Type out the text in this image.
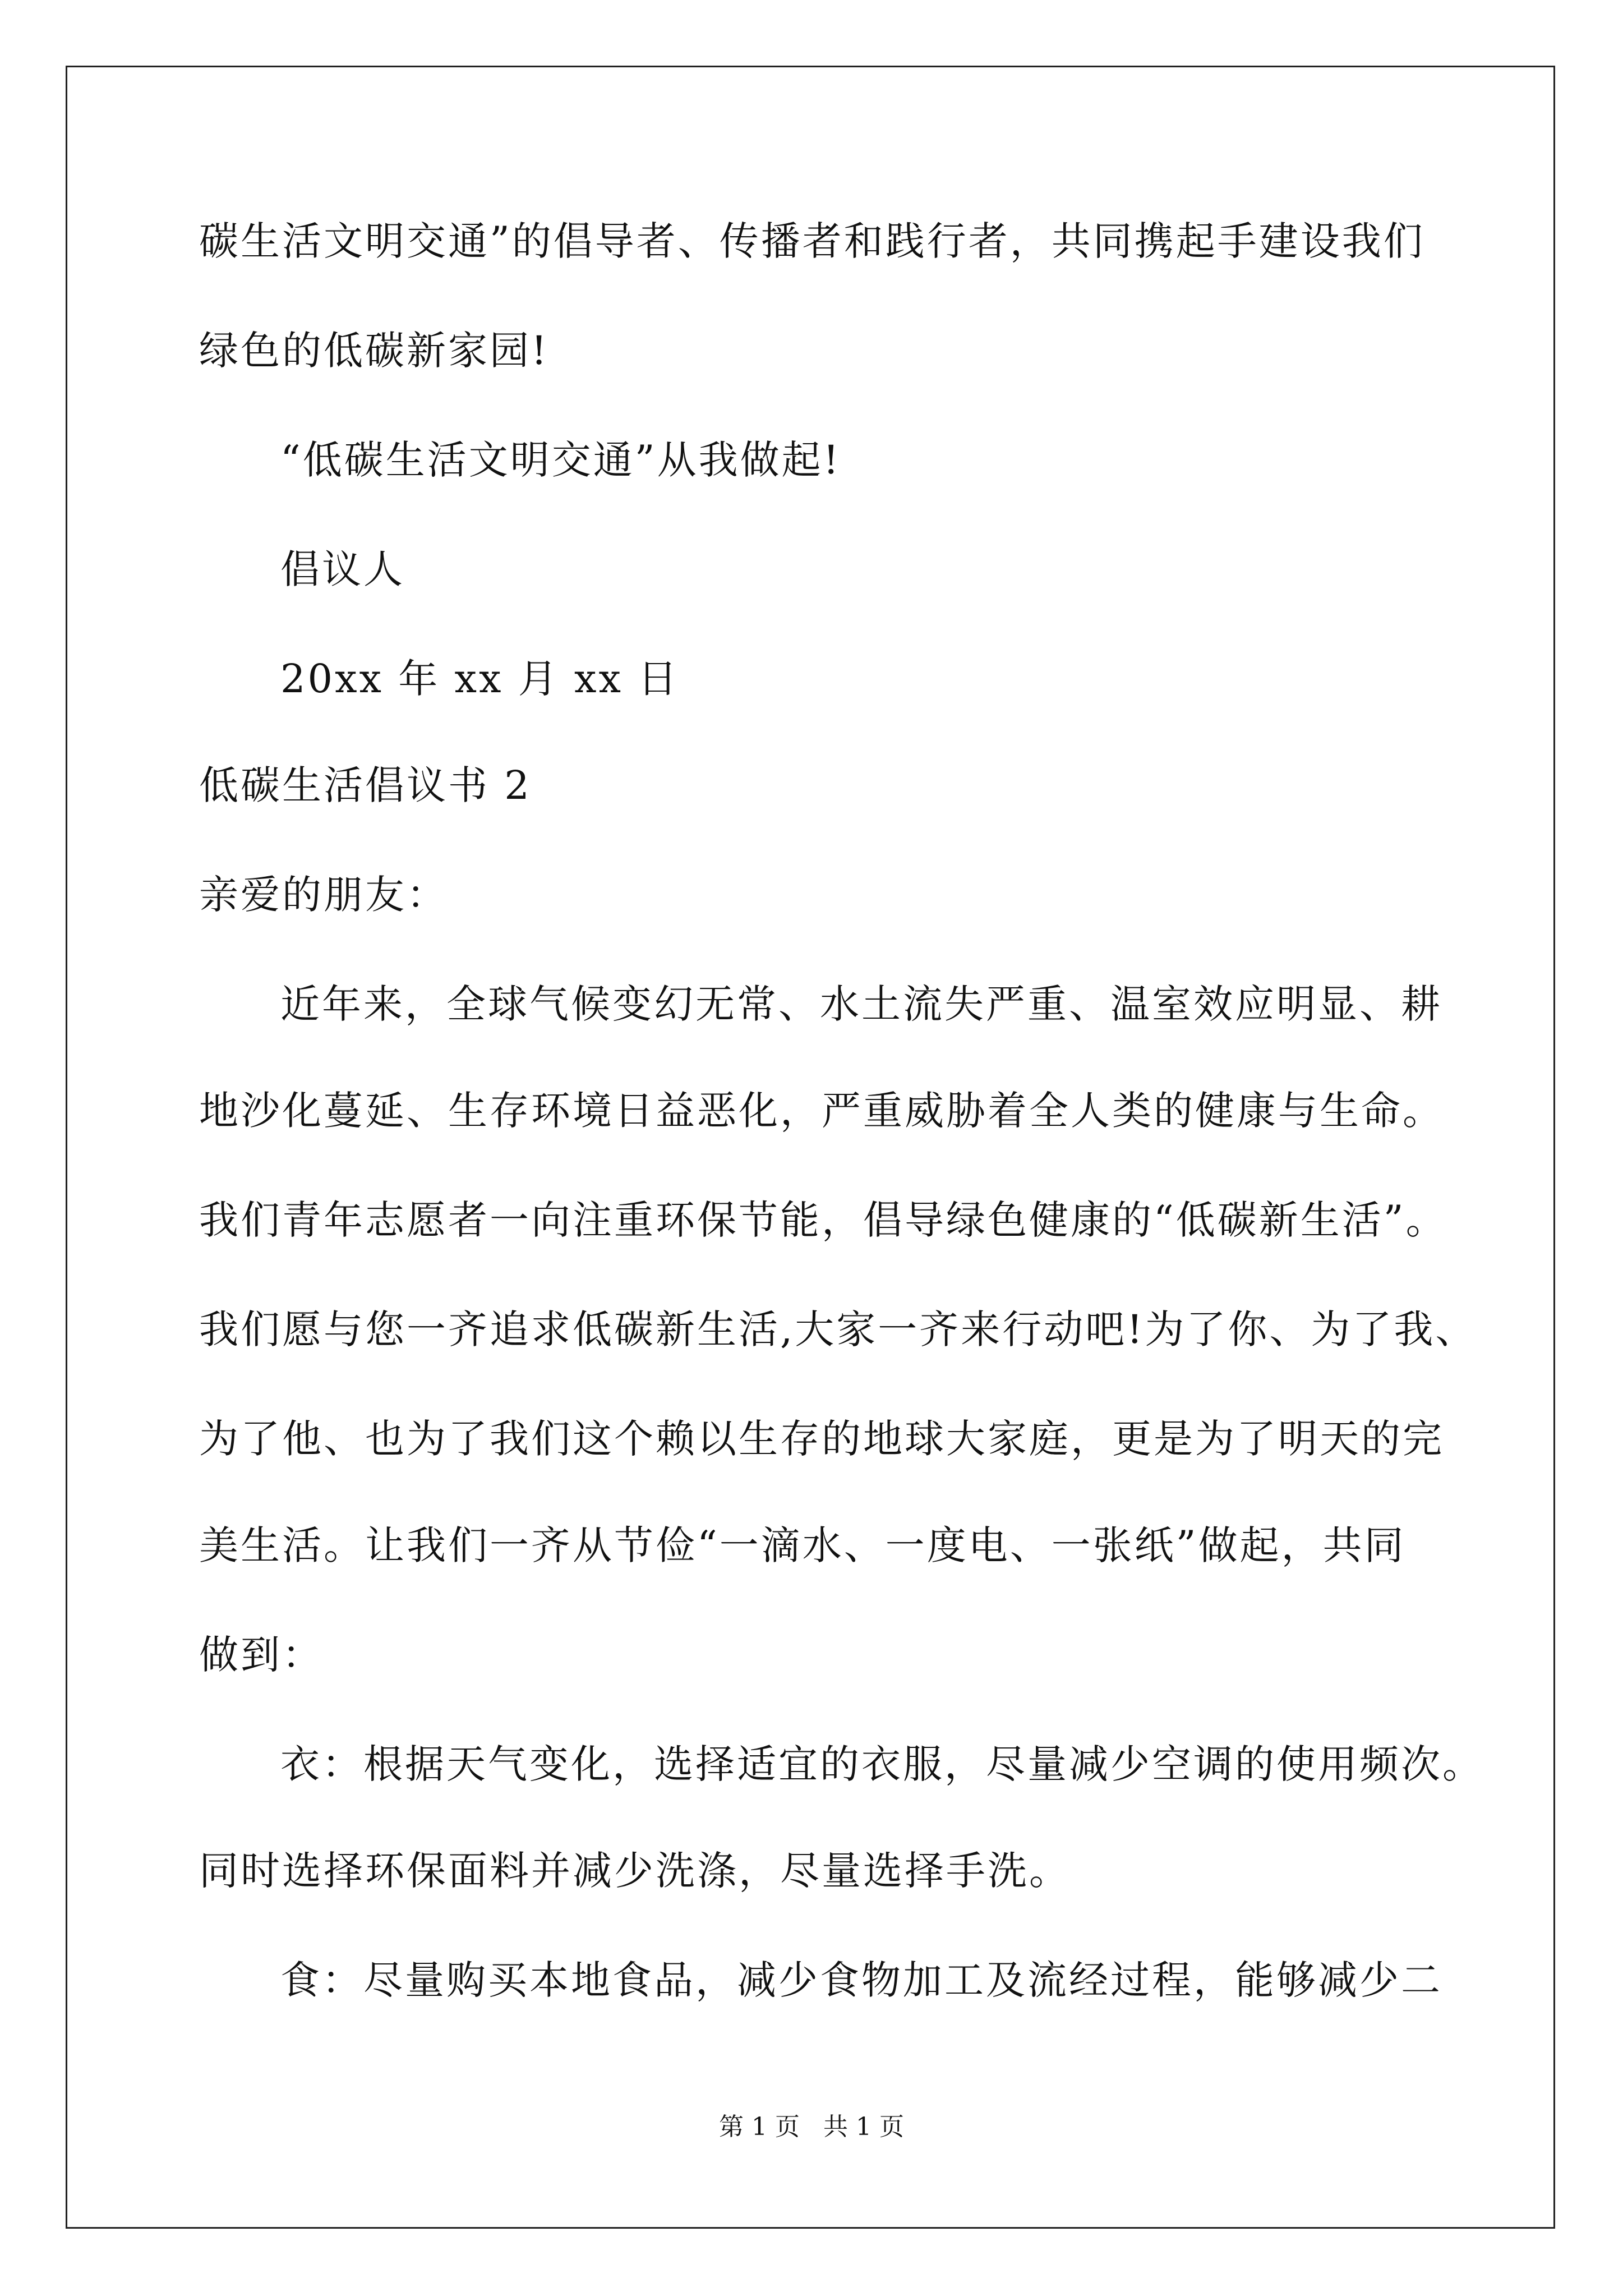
碳生活文明交通”的倡导者、传播者和践行者，共同携起手建设我们
绿色的低碳新家园!
“低碳生活文明交通”从我做起!
倡议人
20xx 年 xx 月 xx 日
低碳生活倡议书 2
亲爱的朋友：
近年来，全球气候变幻无常、水土流失严重、温室效应明显、耕
地沙化蔓延、生存环境日益恶化，严重威胁着全人类的健康与生命。
我们青年志愿者一向注重环保节能，倡导绿色健康的“低碳新生活”。
我们愿与您一齐追求低碳新生活,大家一齐来行动吧!为了你、为了我、
为了他、也为了我们这个赖以生存的地球大家庭，更是为了明天的完
美生活。让我们一齐从节俭“一滴水、一度电、一张纸”做起，共同
做到：
衣：根据天气变化，选择适宜的衣服，尽量减少空调的使用频次。
同时选择环保面料并减少洗涤，尽量选择手洗。
食：尽量购买本地食品，减少食物加工及流经过程，能够减少二
第 1 页   共 1 页
